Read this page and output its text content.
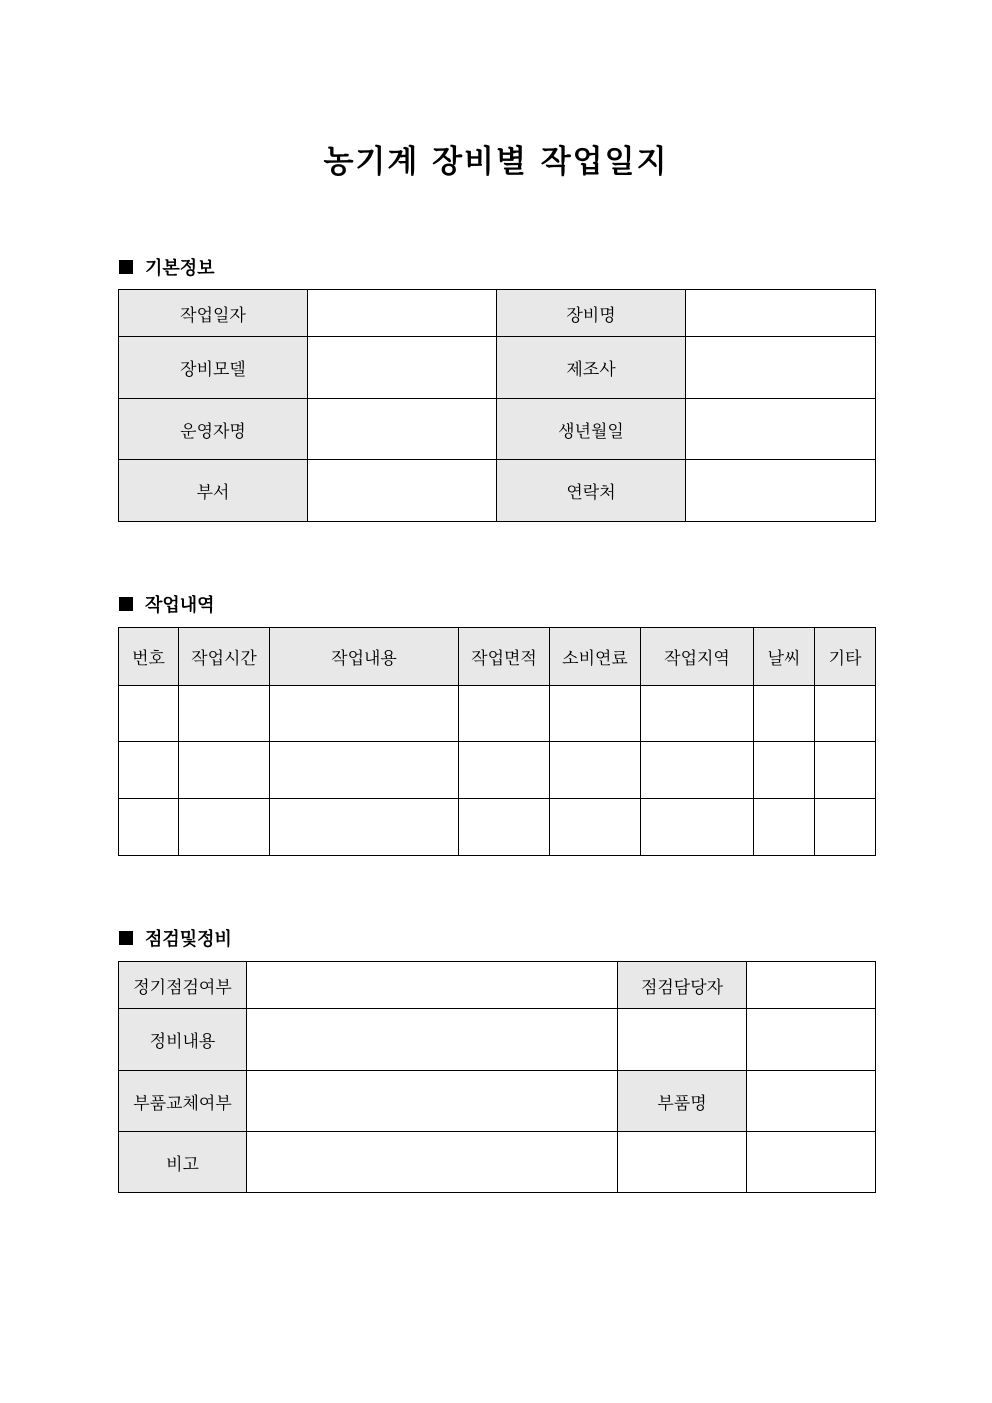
농기계 장비별 작업일지
기본정보
작업일자		장비명	
장비모델		제조사	
운영자명		생년월일	
부서		연락처	
작업내역
번호	작업시간	작업내용	작업면적	소비연료	작업지역	날씨	기타

점검및정비
정기점검여부		점검담당자	
정비내용			
부품교체여부		부품명	
비고			
